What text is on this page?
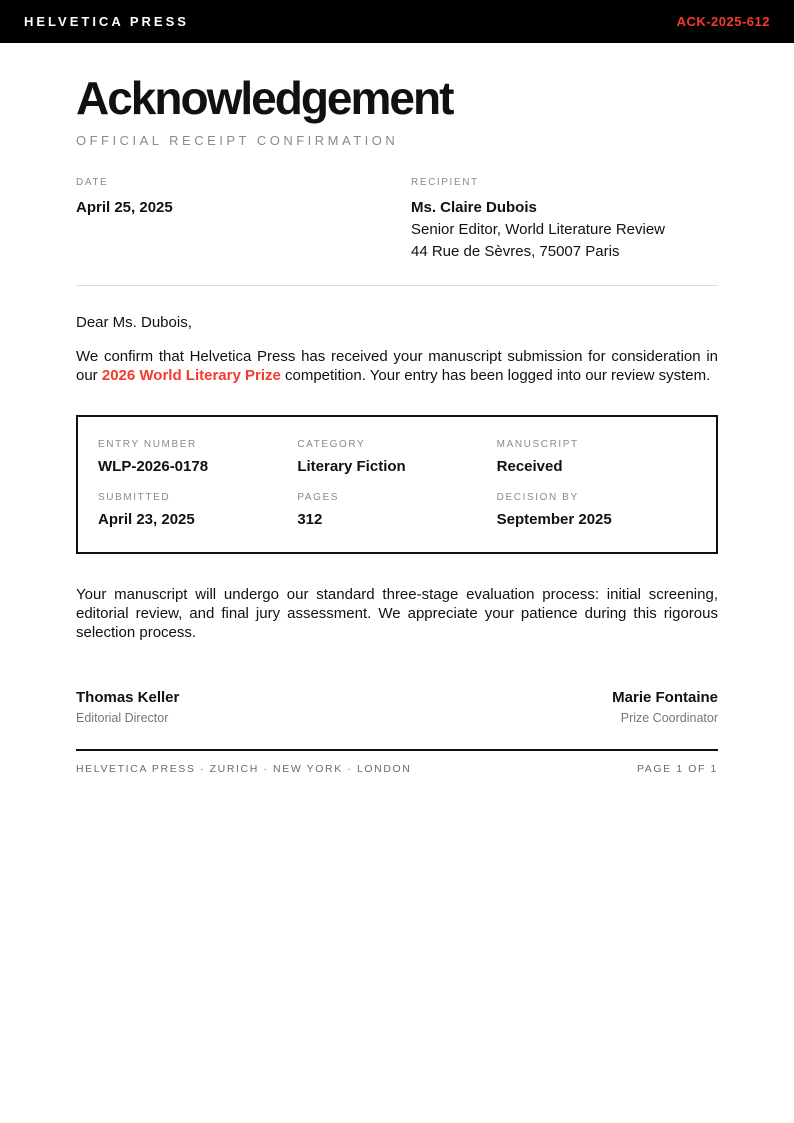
HELVETICA PRESS	ACK-2025-612
Acknowledgement
OFFICIAL RECEIPT CONFIRMATION
DATE
April 25, 2025
RECIPIENT
Ms. Claire Dubois
Senior Editor, World Literature Review
44 Rue de Sèvres, 75007 Paris

Dear Ms. Dubois,

We confirm that Helvetica Press has received your manuscript submission for consideration in our 2026 World Literary Prize competition. Your entry has been logged into our review system.

ENTRY NUMBER
WLP-2026-0178
CATEGORY
Literary Fiction
MANUSCRIPT
Received
SUBMITTED
April 23, 2025
PAGES
312
DECISION BY
September 2025

Your manuscript will undergo our standard three-stage evaluation process: initial screening, editorial review, and final jury assessment. We appreciate your patience during this rigorous selection process.

Thomas Keller
Editorial Director
Marie Fontaine
Prize Coordinator
HELVETICA PRESS · ZURICH · NEW YORK · LONDON	PAGE 1 OF 1
